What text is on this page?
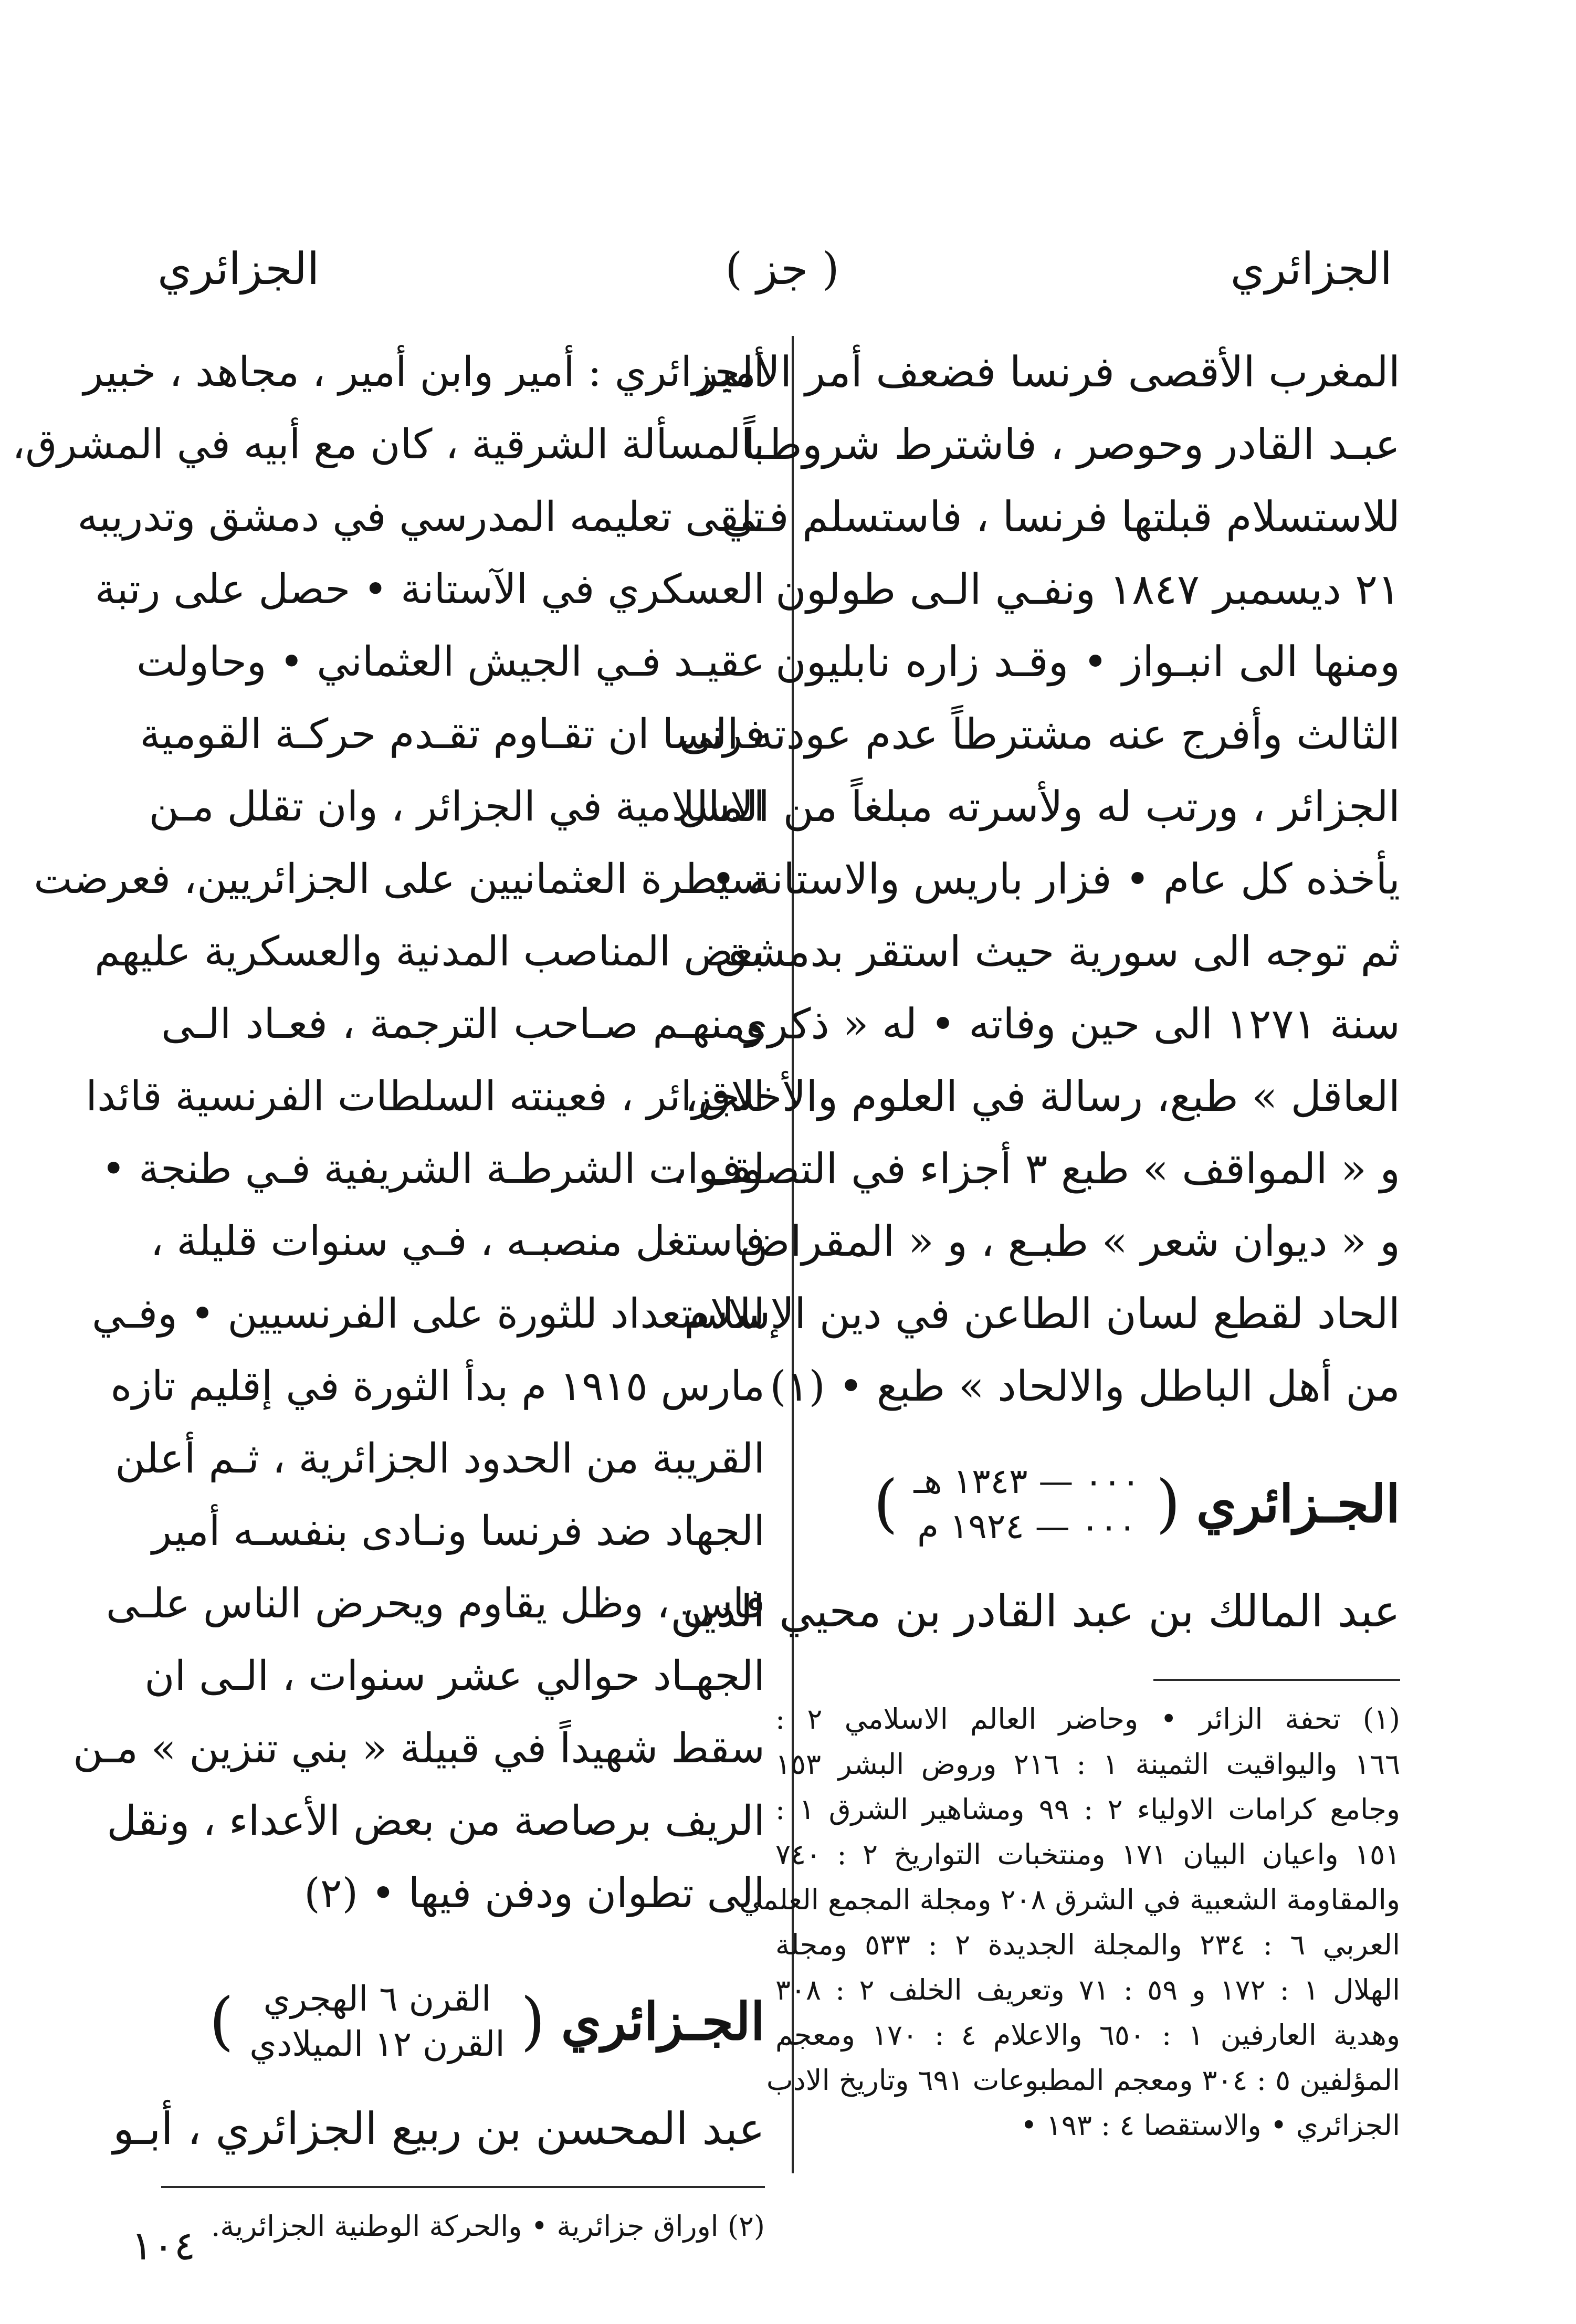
الجزائري
( جز )
الجزائري
المغرب الأقصى فرنسا فضعف أمر الأمير
عبـد القادر وحوصر ، فاشترط شروطـاً
للاستسلام قبلتها فرنسا ، فاستسلم فـي
٢١ ديسمبر ١٨٤٧ ونفـي الـى طولون
ومنها الى انبـواز • وقـد زاره نابليون
الثالث وأفرج عنه مشترطاً عدم عودته الى
الجزائر ، ورتب له ولأسرته مبلغاً من المال
يأخذه كل عام • فزار باريس والاستانة •
ثم توجه الى سورية حيث استقر بدمشق
سنة ١٢٧١ الى حين وفاته • له « ذكرى
العاقل » طبع، رسالة في العلوم والأخلاق،
و « المواقف » طبع ٣ أجزاء في التصوف ،
و « ديوان شعر » طبـع ، و « المقراض
الحاد لقطع لسان الطاعن في دين الإسلام
من أهل الباطل والالحاد » طبع • (١)
الجـزائري
(
٠٠٠ — ١٣٤٣ هـ
٠٠٠ — ١٩٢٤ م
)
عبد المالك بن عبد القادر بن محيي الدين
(١) تحفة الزائر • وحاضر العالم الاسلامي ٢ :
١٦٦ واليواقيت الثمينة ١ : ٢١٦ وروض البشر ١٥٣
وجامع كرامات الاولياء ٢ : ٩٩ ومشاهير الشرق ١ :
١٥١ واعيان البيان ١٧١ ومنتخبات التواريخ ٢ : ٧٤٠
والمقاومة الشعبية في الشرق ٢٠٨ ومجلة المجمع العلمي
العربي ٦ : ٢٣٤ والمجلة الجديدة ٢ : ٥٣٣ ومجلة
الهلال ١ : ١٧٢ و ٥٩ : ٧١ وتعريف الخلف ٢ : ٣٠٨
وهدية العارفين ١ : ٦٥٠ والاعلام ٤ : ١٧٠ ومعجم
المؤلفين ٥ : ٣٠٤ ومعجم المطبوعات ٦٩١ وتاريخ الادب
الجزائري • والاستقصا ٤ : ١٩٣ •
الجزائري : أمير وابن أمير ، مجاهد ، خبير
بالمسألة الشرقية ، كان مع أبيه في المشرق،
تلقى تعليمه المدرسي في دمشق وتدريبه
العسكري في الآستانة • حصل على رتبة
عقيـد فـي الجيش العثماني • وحاولت
فرنسا ان تقـاوم تقـدم حركـة القومية
الاسلامية في الجزائر ، وان تقلل مـن
سيطرة العثمانيين على الجزائريين، فعرضت
بعض المناصب المدنية والعسكرية عليهم
ومنهـم صـاحب الترجمة ، فعـاد الـى
الجزائر ، فعينته السلطات الفرنسية قائدا
لقـوات الشرطـة الشريفية فـي طنجة •
فاستغل منصبـه ، فـي سنوات قليلة ،
للاستعداد للثورة على الفرنسيين • وفـي
مارس ١٩١٥ م بدأ الثورة في إقليم تازه
القريبة من الحدود الجزائرية ، ثـم أعلن
الجهاد ضد فرنسا ونـادى بنفسـه أمير
فاس ، وظل يقاوم ويحرض الناس علـى
الجهـاد حوالي عشر سنوات ، الـى ان
سقط شهيداً في قبيلة « بني تنزين » مـن
الريف برصاصة من بعض الأعداء ، ونقل
الى تطوان ودفن فيها • (٢)
الجـزائري
(
القرن ٦ الهجري
القرن ١٢ الميلادي
)
عبد المحسن بن ربيع الجزائري ، أبـو
(٢) اوراق جزائرية • والحركة الوطنية الجزائرية.
١٠٤
